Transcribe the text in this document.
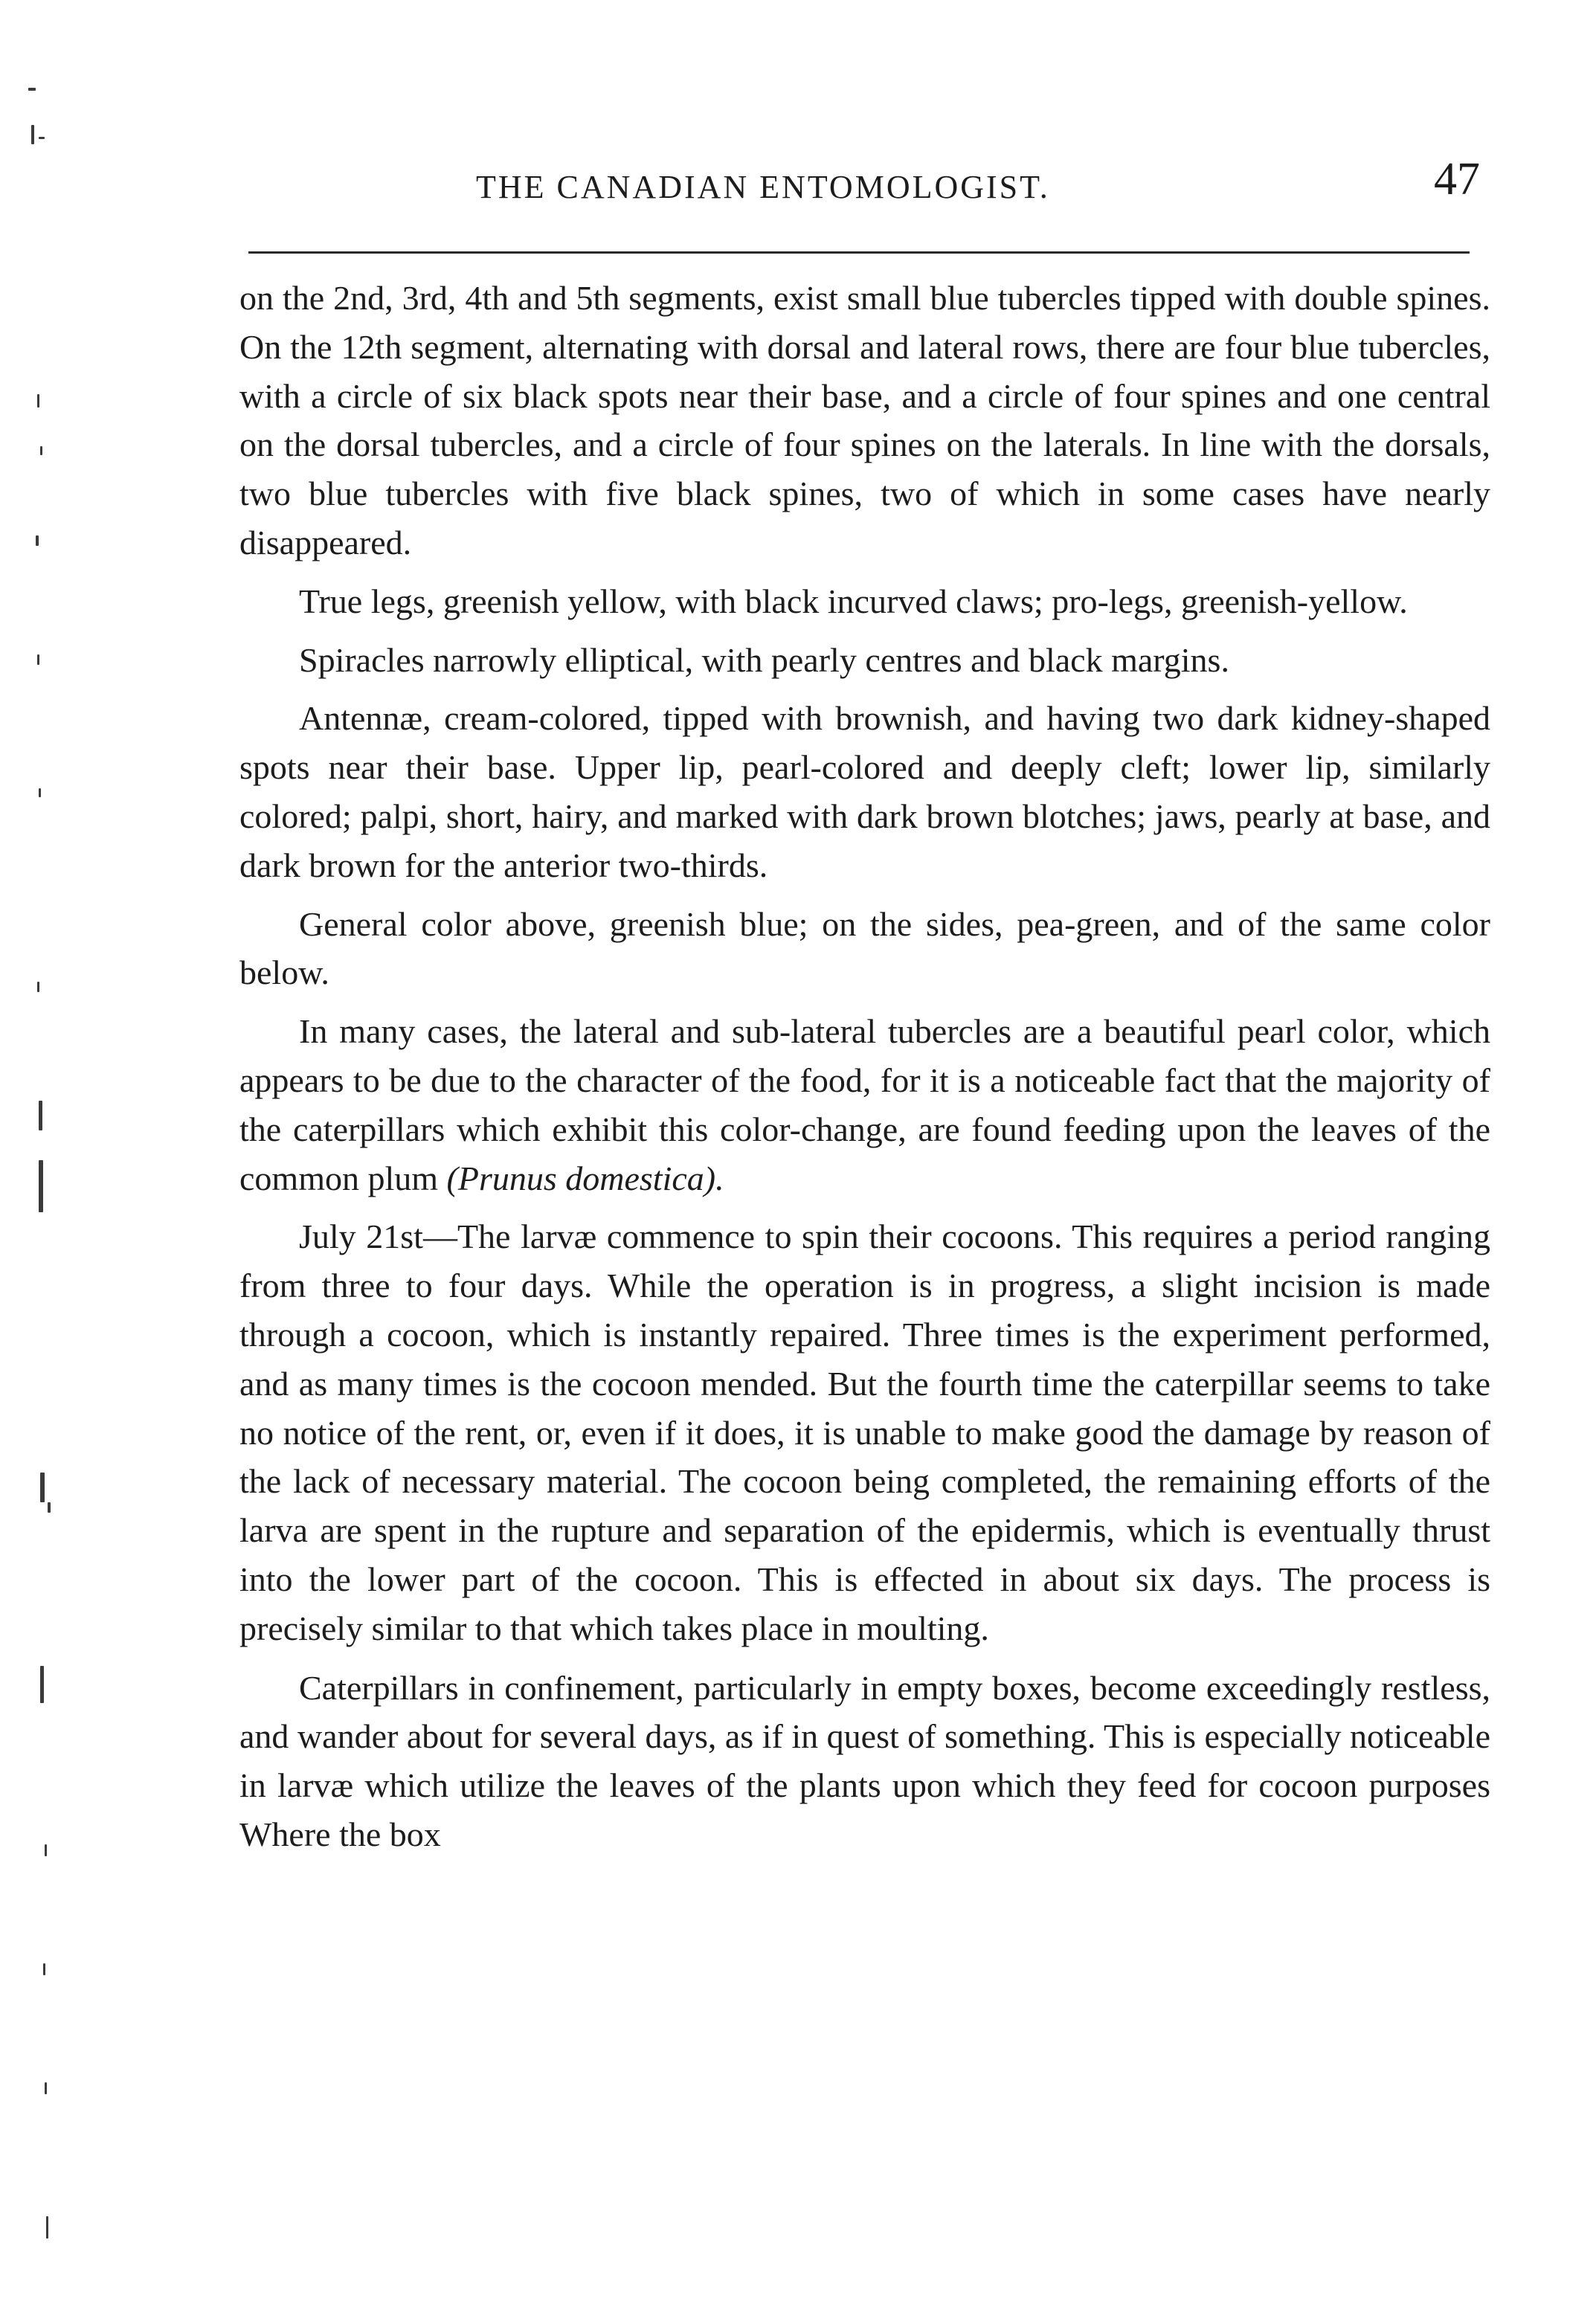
THE CANADIAN ENTOMOLOGIST.	47

on the 2nd, 3rd, 4th and 5th segments, exist small blue tubercles tipped with double spines. On the 12th segment, alternating with dorsal and lateral rows, there are four blue tubercles, with a circle of six black spots near their base, and a circle of four spines and one central on the dorsal tubercles, and a circle of four spines on the laterals. In line with the dorsals, two blue tubercles with five black spines, two of which in some cases have nearly disappeared.

True legs, greenish yellow, with black incurved claws; pro-legs, greenish-yellow.

Spiracles narrowly elliptical, with pearly centres and black margins.

Antennæ, cream-colored, tipped with brownish, and having two dark kidney-shaped spots near their base. Upper lip, pearl-colored and deeply cleft; lower lip, similarly colored; palpi, short, hairy, and marked with dark brown blotches; jaws, pearly at base, and dark brown for the anterior two-thirds.

General color above, greenish blue; on the sides, pea-green, and of the same color below.

In many cases, the lateral and sub-lateral tubercles are a beautiful pearl color, which appears to be due to the character of the food, for it is a noticeable fact that the majority of the caterpillars which exhibit this color-change, are found feeding upon the leaves of the common plum (Prunus domestica).

July 21st—The larvæ commence to spin their cocoons. This requires a period ranging from three to four days. While the operation is in progress, a slight incision is made through a cocoon, which is instantly repaired. Three times is the experiment performed, and as many times is the cocoon mended. But the fourth time the caterpillar seems to take no notice of the rent, or, even if it does, it is unable to make good the damage by reason of the lack of necessary material. The cocoon being completed, the remaining efforts of the larva are spent in the rupture and separation of the epidermis, which is eventually thrust into the lower part of the cocoon. This is effected in about six days. The process is precisely similar to that which takes place in moulting.

Caterpillars in confinement, particularly in empty boxes, become exceedingly restless, and wander about for several days, as if in quest of something. This is especially noticeable in larvæ which utilize the leaves of the plants upon which they feed for cocoon purposes Where the box
